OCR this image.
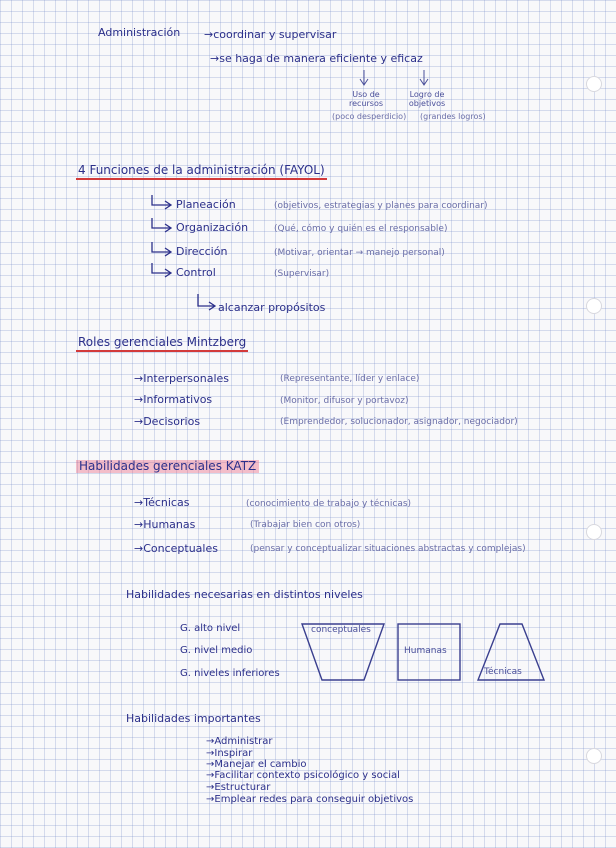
Administración →coordinar y supervisar
→se haga de manera eficiente y eficaz
Uso de recursos
(poco desperdicio)
Logro de objetivos
(grandes logros)
4 Funciones de la administración (FAYOL)
Planeación	(objetivos, estrategias y planes para coordinar)
Organización	(Qué, cómo y quién es el responsable)
Dirección	(Motivar, orientar → manejo personal)
Control	(Supervisar)
alcanzar propósitos
Roles gerenciales Mintzberg
→Interpersonales	(Representante, líder y enlace)
→Informativos	(Monitor, difusor y portavoz)
→Decisorios	(Emprendedor, solucionador, asignador, negociador)
Habilidades gerenciales KATZ
→Técnicas	(conocimiento de trabajo y técnicas)
→Humanas	(Trabajar bien con otros)
→Conceptuales	(pensar y conceptualizar situaciones abstractas y complejas)
Habilidades necesarias en distintos niveles
G. alto nivel
G. nivel medio
G. niveles inferiores
conceptuales
Humanas
Técnicas
Habilidades importantes
→Administrar
→Inspirar
→Manejar el cambio
→Facilitar contexto psicológico y social
→Estructurar
→Emplear redes para conseguir objetivos
